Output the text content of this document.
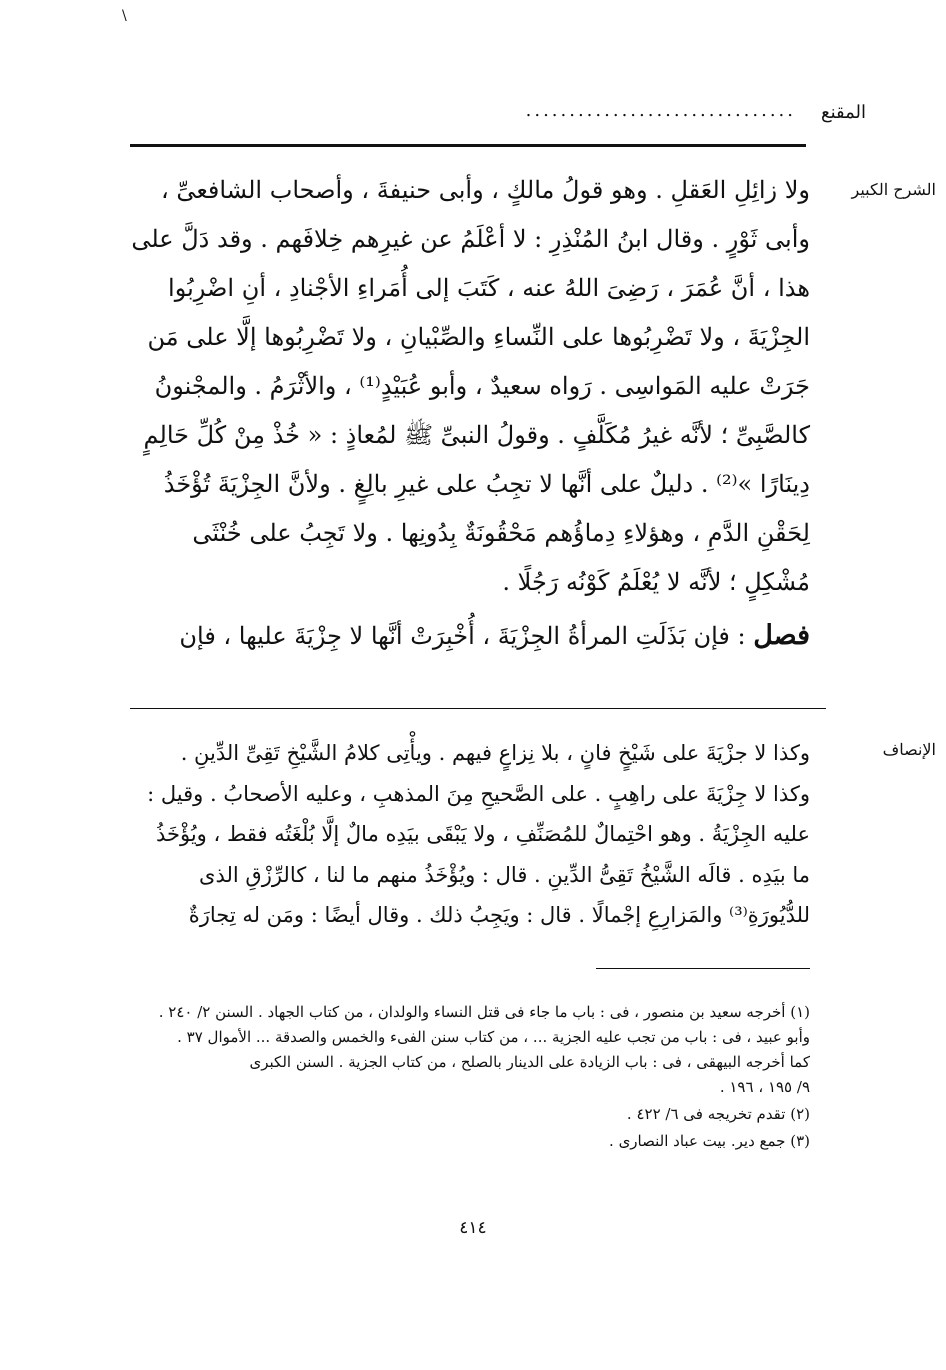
\
المقنع
...............................
الشرح الكبير

ولا زائِلِ العَقلِ . وهو قولُ مالكٍ ، وأبى حنيفةَ ، وأصحاب الشافعىِّ ،

وأبى ثَوْرٍ . وقال ابنُ المُنْذِرِ : لا أعْلَمُ عن غيرِهم خِلافَهم . وقد دَلَّ على

هذا ، أنَّ عُمَرَ ، رَضِىَ اللهُ عنه ، كَتَبَ إلى أُمَراءِ الأجْنادِ ، أنِ اضْرِبُوا

الجِزْيَةَ ، ولا تَضْرِبُوها على النِّساءِ والصِّبْيانِ ، ولا تَضْرِبُوها إلَّا على مَن

جَرَتْ عليه المَواسِى . رَواه سعيدٌ ، وأبو عُبَيْدٍ⁽¹⁾ ، والأثْرَمُ . والمجْنونُ

كالصَّبِىِّ ؛ لأنَّه غيرُ مُكَلَّفٍ . وقولُ النبىِّ ﷺ لمُعاذٍ : « خُذْ مِنْ كُلِّ حَالِمٍ

دِينَارًا »⁽²⁾ . دليلٌ على أنَّها لا تجِبُ على غيرِ بالِغٍ . ولأنَّ الجِزْيَةَ تُؤْخَذُ

لِحَقْنِ الدَّمِ ، وهؤلاءِ دِماؤُهم مَحْقُونَةٌ بِدُونِها . ولا تَجِبُ على خُنْثَى

مُشْكِلٍ ؛ لأنَّه لا يُعْلَمُ كَوْنُه رَجُلًا .

فصل : فإن بَذَلَتِ المرأةُ الجِزْيَةَ ، أُخْبِرَتْ أنَّها لا جِزْيَةَ عليها ، فإن

الإنصاف

وكذا لا جزْيَةَ على شَيْخٍ فانٍ ، بلا نِزاعٍ فيهم . ويأْتِى كلامُ الشَّيْخِ تَقِىِّ الدِّينِ .

وكذا لا جِزْيَةَ على راهِبٍ . على الصَّحيحِ مِنَ المذهبِ ، وعليه الأصحابُ . وقيل :

عليه الجِزْيَةُ . وهو احْتِمالٌ للمُصَنِّفِ ، ولا يَبْقَى بيَدِه مالٌ إلَّا بُلْغَتُه فقط ، ويُؤْخَذُ

ما بيَدِه . قالَه الشَّيْخُ تَقِىُّ الدِّينِ . قال : ويُؤْخَذُ منهم ما لنا ، كالرِّزْقِ الذى

للدُّيُورَةِ⁽³⁾ والمَزارِعِ إجْمالًا . قال : ويَجِبُ ذلك . وقال أيضًا : ومَن له تِجارَةٌ

(١) أخرجه سعيد بن منصور ، فى : باب ما جاء فى قتل النساء والولدان ، من كتاب الجهاد . السنن ٢/ ٢٤٠ .

وأبو عبيد ، فى : باب من تجب عليه الجزية ... ، من كتاب سنن الفىء والخمس والصدقة ... الأموال ٣٧ .

كما أخرجه البيهقى ، فى : باب الزيادة على الدينار بالصلح ، من كتاب الجزية . السنن الكبرى

٩/ ١٩٥ ، ١٩٦ .

(٢) تقدم تخريجه فى ٦/ ٤٢٢ .

(٣) جمع دير. بيت عباد النصارى .

٤١٤
